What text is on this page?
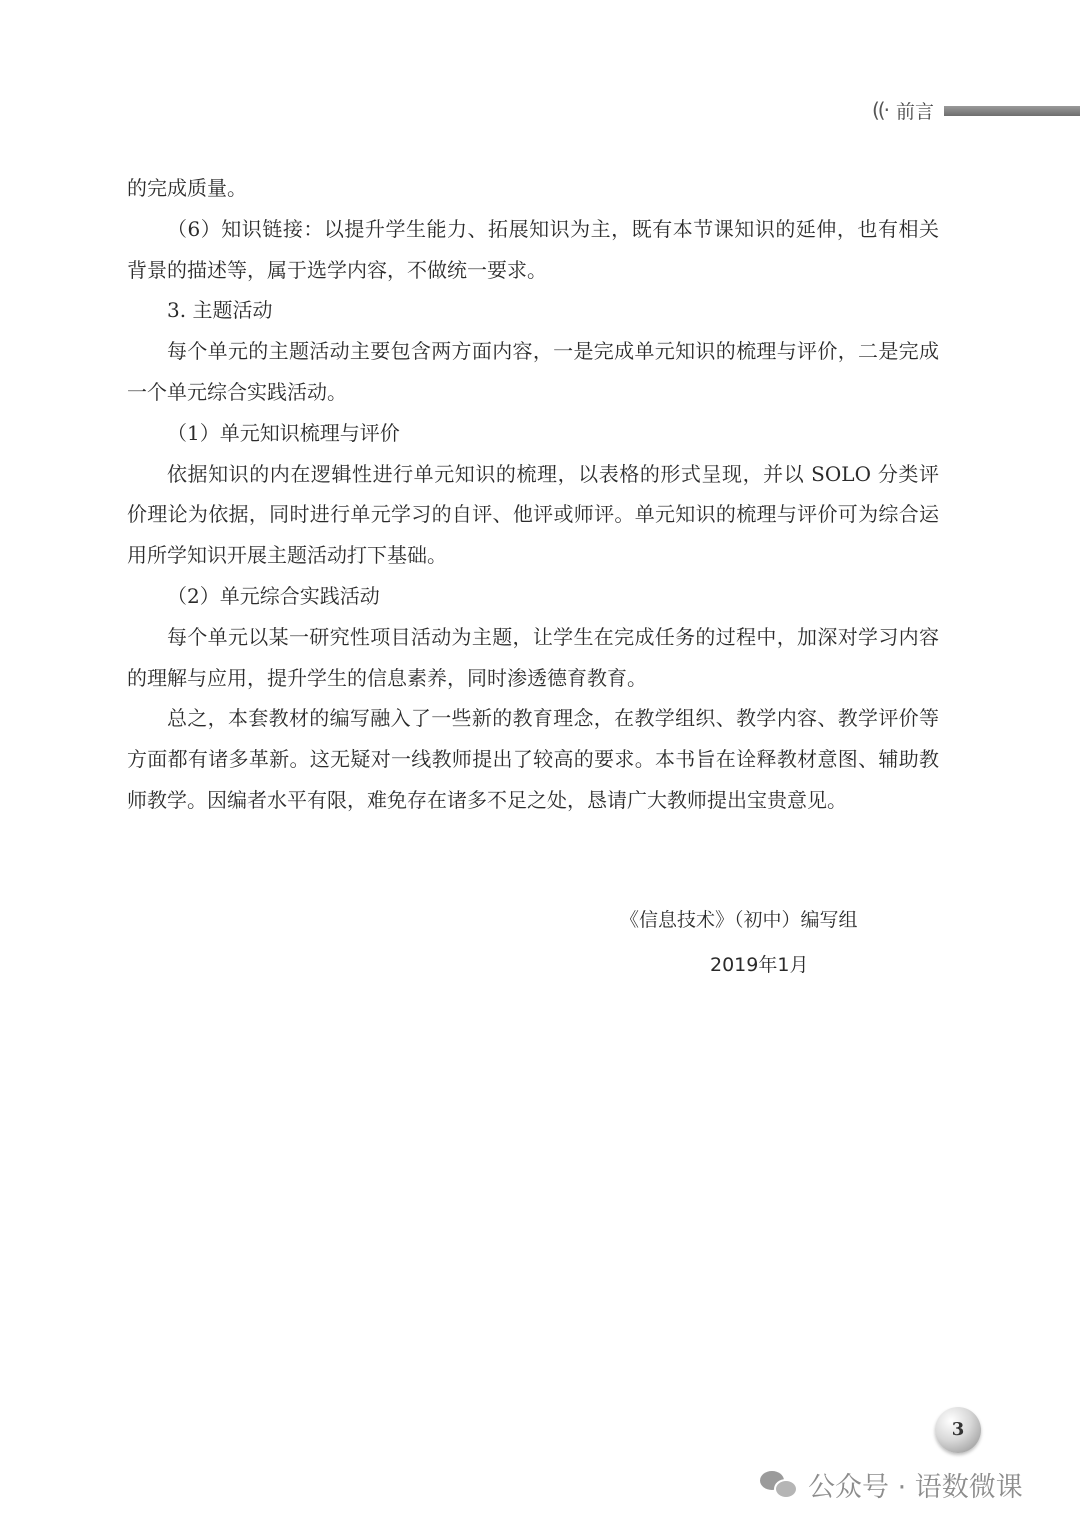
((· 前言

的完成质量。

（6）知识链接：以提升学生能力、拓展知识为主，既有本节课知识的延伸，也有相关背景的描述等，属于选学内容，不做统一要求。

3. 主题活动

每个单元的主题活动主要包含两方面内容，一是完成单元知识的梳理与评价，二是完成一个单元综合实践活动。

（1）单元知识梳理与评价

依据知识的内在逻辑性进行单元知识的梳理，以表格的形式呈现，并以 SOLO 分类评价理论为依据，同时进行单元学习的自评、他评或师评。单元知识的梳理与评价可为综合运用所学知识开展主题活动打下基础。

（2）单元综合实践活动

每个单元以某一研究性项目活动为主题，让学生在完成任务的过程中，加深对学习内容的理解与应用，提升学生的信息素养，同时渗透德育教育。

总之，本套教材的编写融入了一些新的教育理念，在教学组织、教学内容、教学评价等方面都有诸多革新。这无疑对一线教师提出了较高的要求。本书旨在诠释教材意图、辅助教师教学。因编者水平有限，难免存在诸多不足之处，恳请广大教师提出宝贵意见。

《信息技术》（初中）编写组
2019年1月
3
公众号 · 语数微课
